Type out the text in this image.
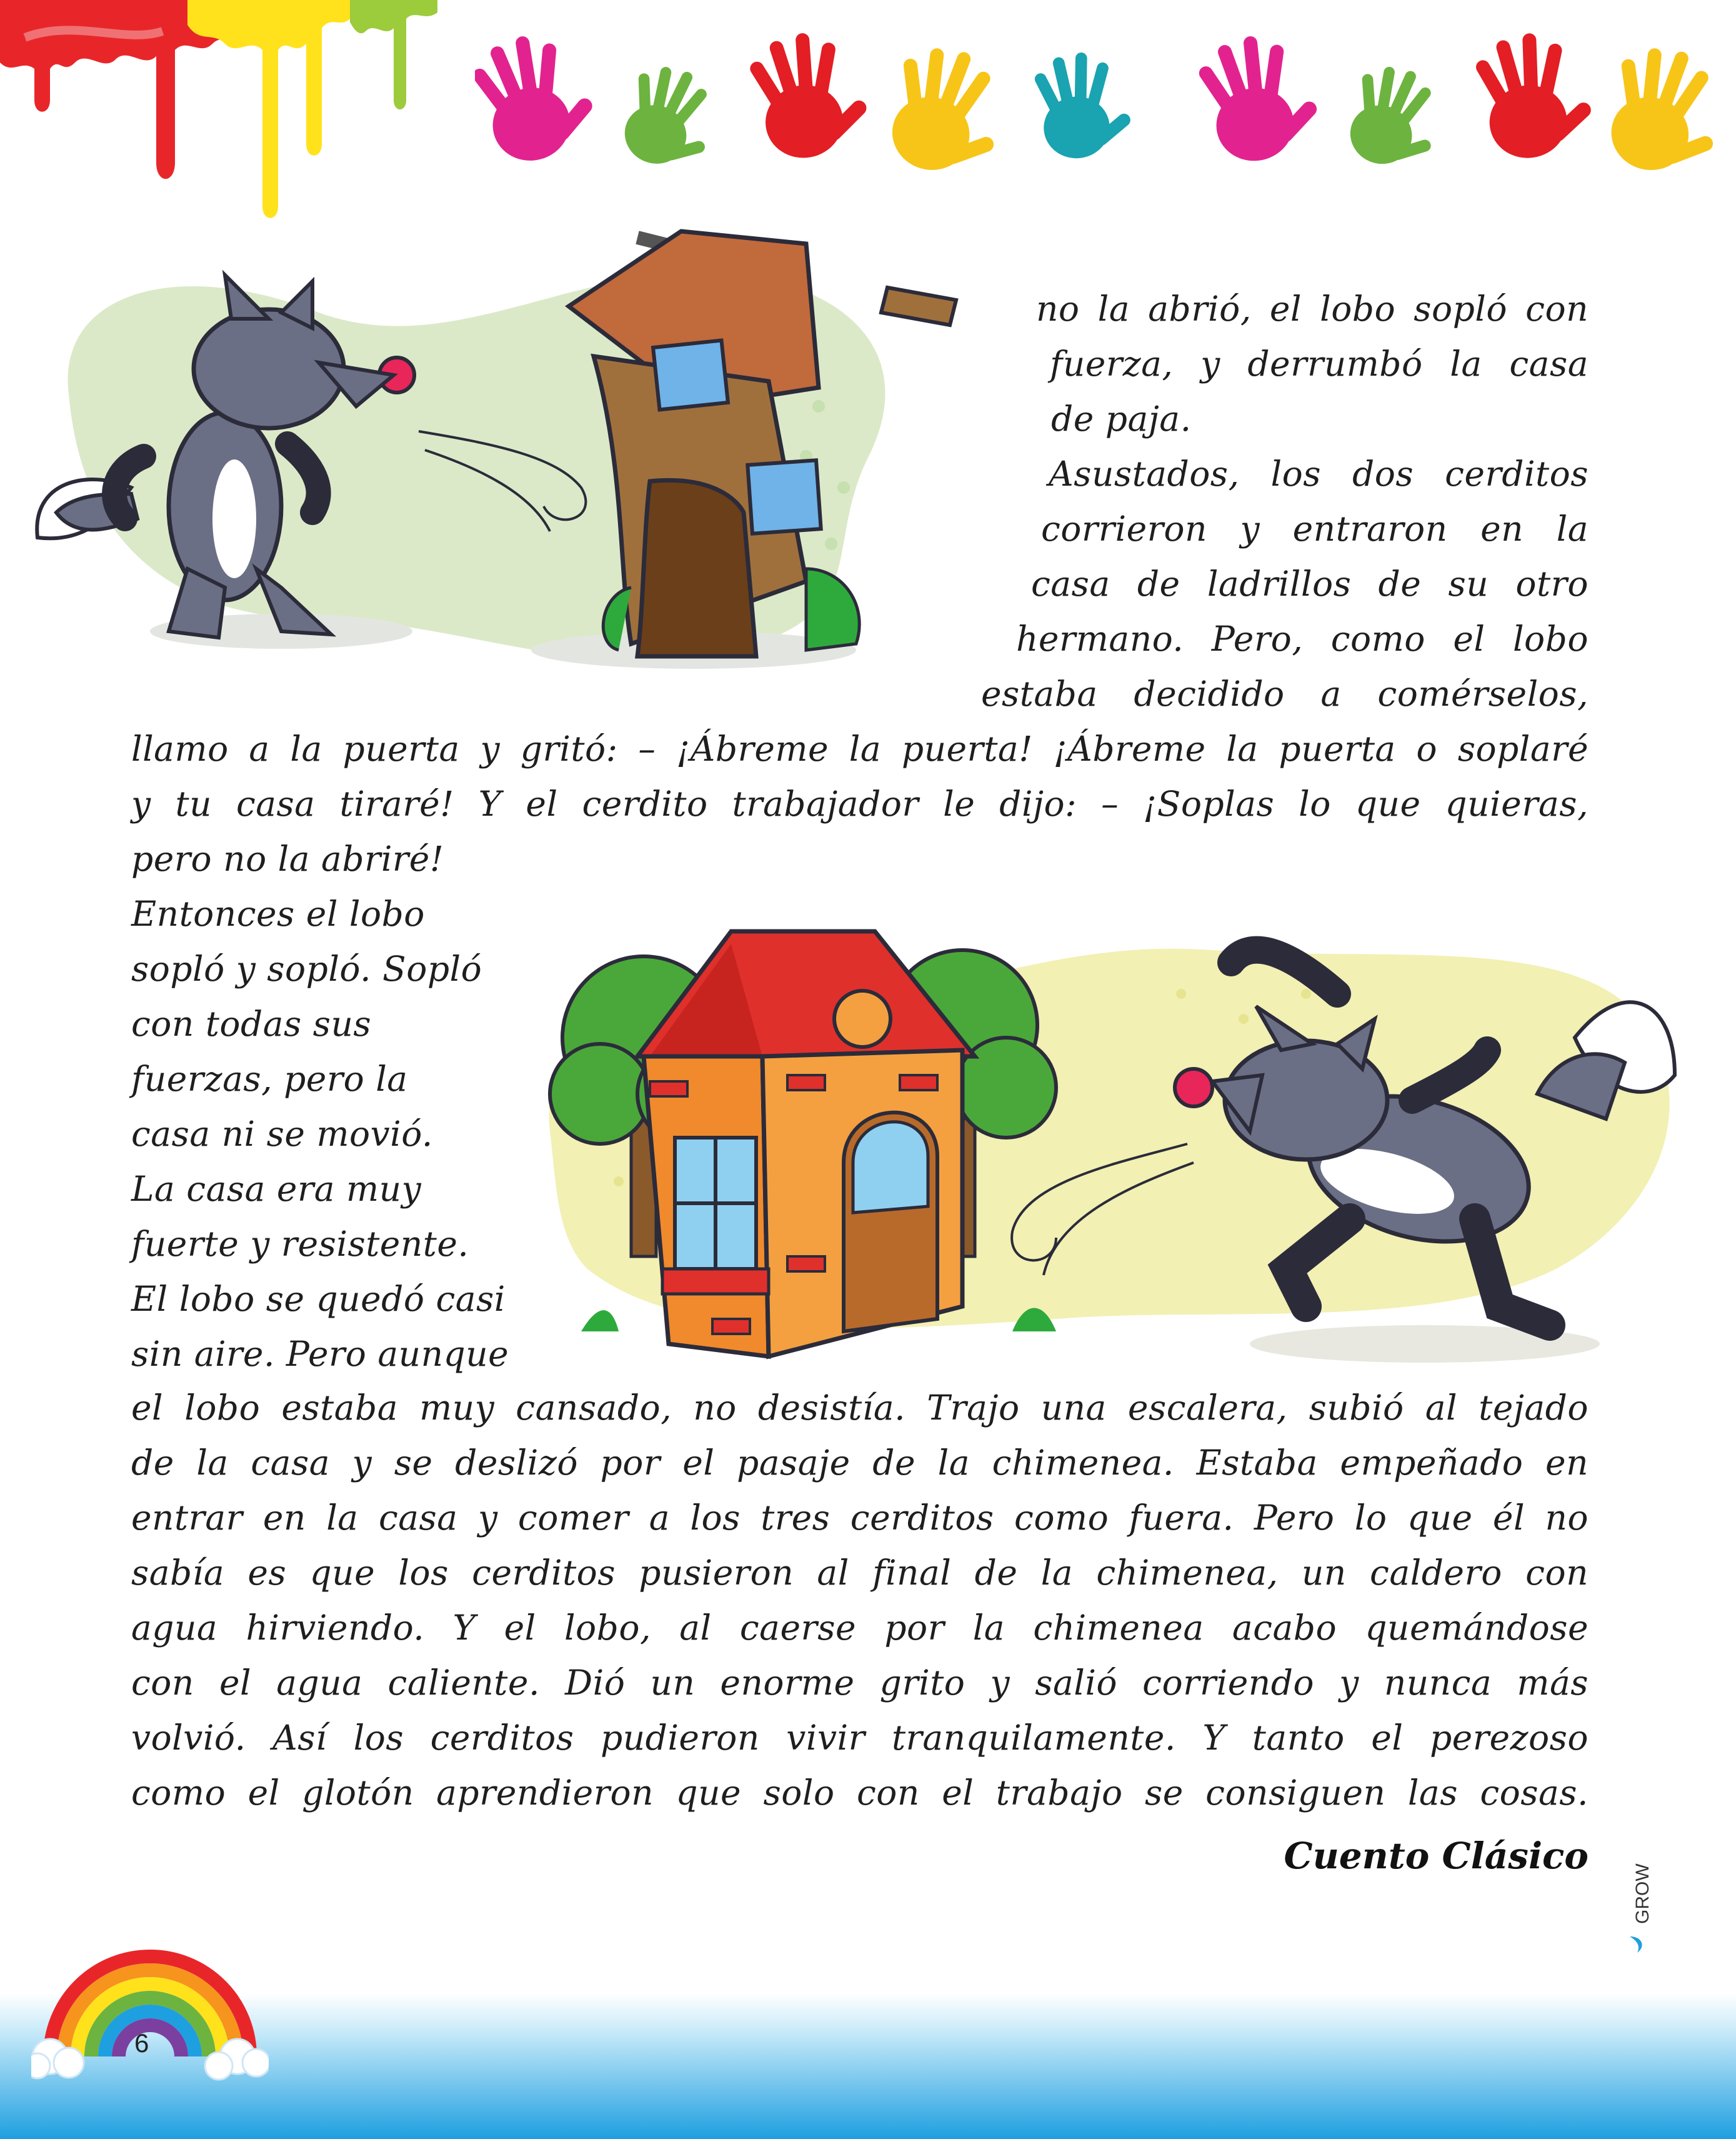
no la abrió, el lobo sopló con
fuerza, y derrumbó la casa
de paja.
Asustados, los dos cerditos
corrieron y entraron en la
casa de ladrillos de su otro
hermano. Pero, como el lobo
estaba decidido a comérselos,
llamo a la puerta y gritó: – ¡Ábreme la puerta! ¡Ábreme la puerta o soplaré
y tu casa tiraré! Y el cerdito trabajador le dijo: – ¡Soplas lo que quieras,
pero no la abriré!
Entonces el lobo
sopló y sopló. Sopló
con todas sus
fuerzas, pero la
casa ni se movió.
La casa era muy
fuerte y resistente.
El lobo se quedó casi
sin aire. Pero aunque
el lobo estaba muy cansado, no desistía. Trajo una escalera, subió al tejado
de la casa y se deslizó por el pasaje de la chimenea. Estaba empeñado en
entrar en la casa y comer a los tres cerditos como fuera. Pero lo que él no
sabía es que los cerditos pusieron al final de la chimenea, un caldero con
agua hirviendo. Y el lobo, al caerse por la chimenea acabo quemándose
con el agua caliente. Dió un enorme grito y salió corriendo y nunca más
volvió. Así los cerditos pudieron vivir tranquilamente. Y tanto el perezoso
como el glotón aprendieron que solo con el trabajo se consiguen las cosas.
Cuento Clásico
GROW
6
